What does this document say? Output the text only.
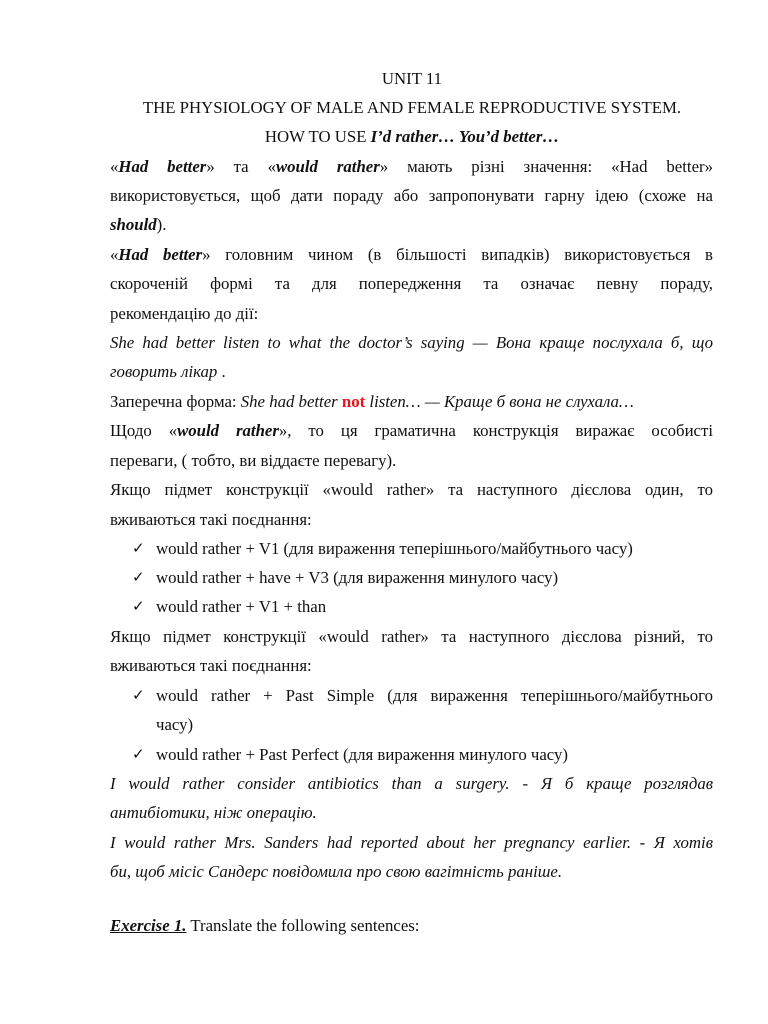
UNIT 11
THE PHYSIOLOGY OF MALE AND FEMALE REPRODUCTIVE SYSTEM.
HOW TO USE I’d rather… You’d better…
«Had better» та «would rather» мають різні значення: «Had better»
використовується, щоб дати пораду або запропонувати гарну ідею (схоже на
should).
«Had better» головним чином (в більшості випадків) використовується в
скороченій формі та для попередження та означає певну пораду,
рекомендацію до дії:
She had better listen to what the doctor’s saying — Вона краще послухала б, що
говорить лікар .
Заперечна форма: She had better not listen… — Краще б вона не слухала…
Щодо «would rather», то ця граматична конструкція виражає особисті
переваги, ( тобто, ви віддаєте перевагу).
Якщо підмет конструкції «would rather» та наступного дієслова один, то
вживаються такі поєднання:
✓ would rather + V1 (для вираження теперішнього/майбутнього часу)
✓ would rather + have + V3 (для вираження минулого часу)
✓ would rather + V1 + than
Якщо підмет конструкції «would rather» та наступного дієслова різний, то
вживаються такі поєднання:
✓ would rather + Past Simple (для вираження теперішнього/майбутнього
часу)
✓ would rather + Past Perfect (для вираження минулого часу)
I would rather consider antibiotics than a surgery. - Я б краще розглядав
антибіотики, ніж операцію.
I would rather Mrs. Sanders had reported about her pregnancy earlier. - Я хотів
би, щоб місіс Сандерс повідомила про свою вагітність раніше.
Exercise 1. Translate the following sentences:
